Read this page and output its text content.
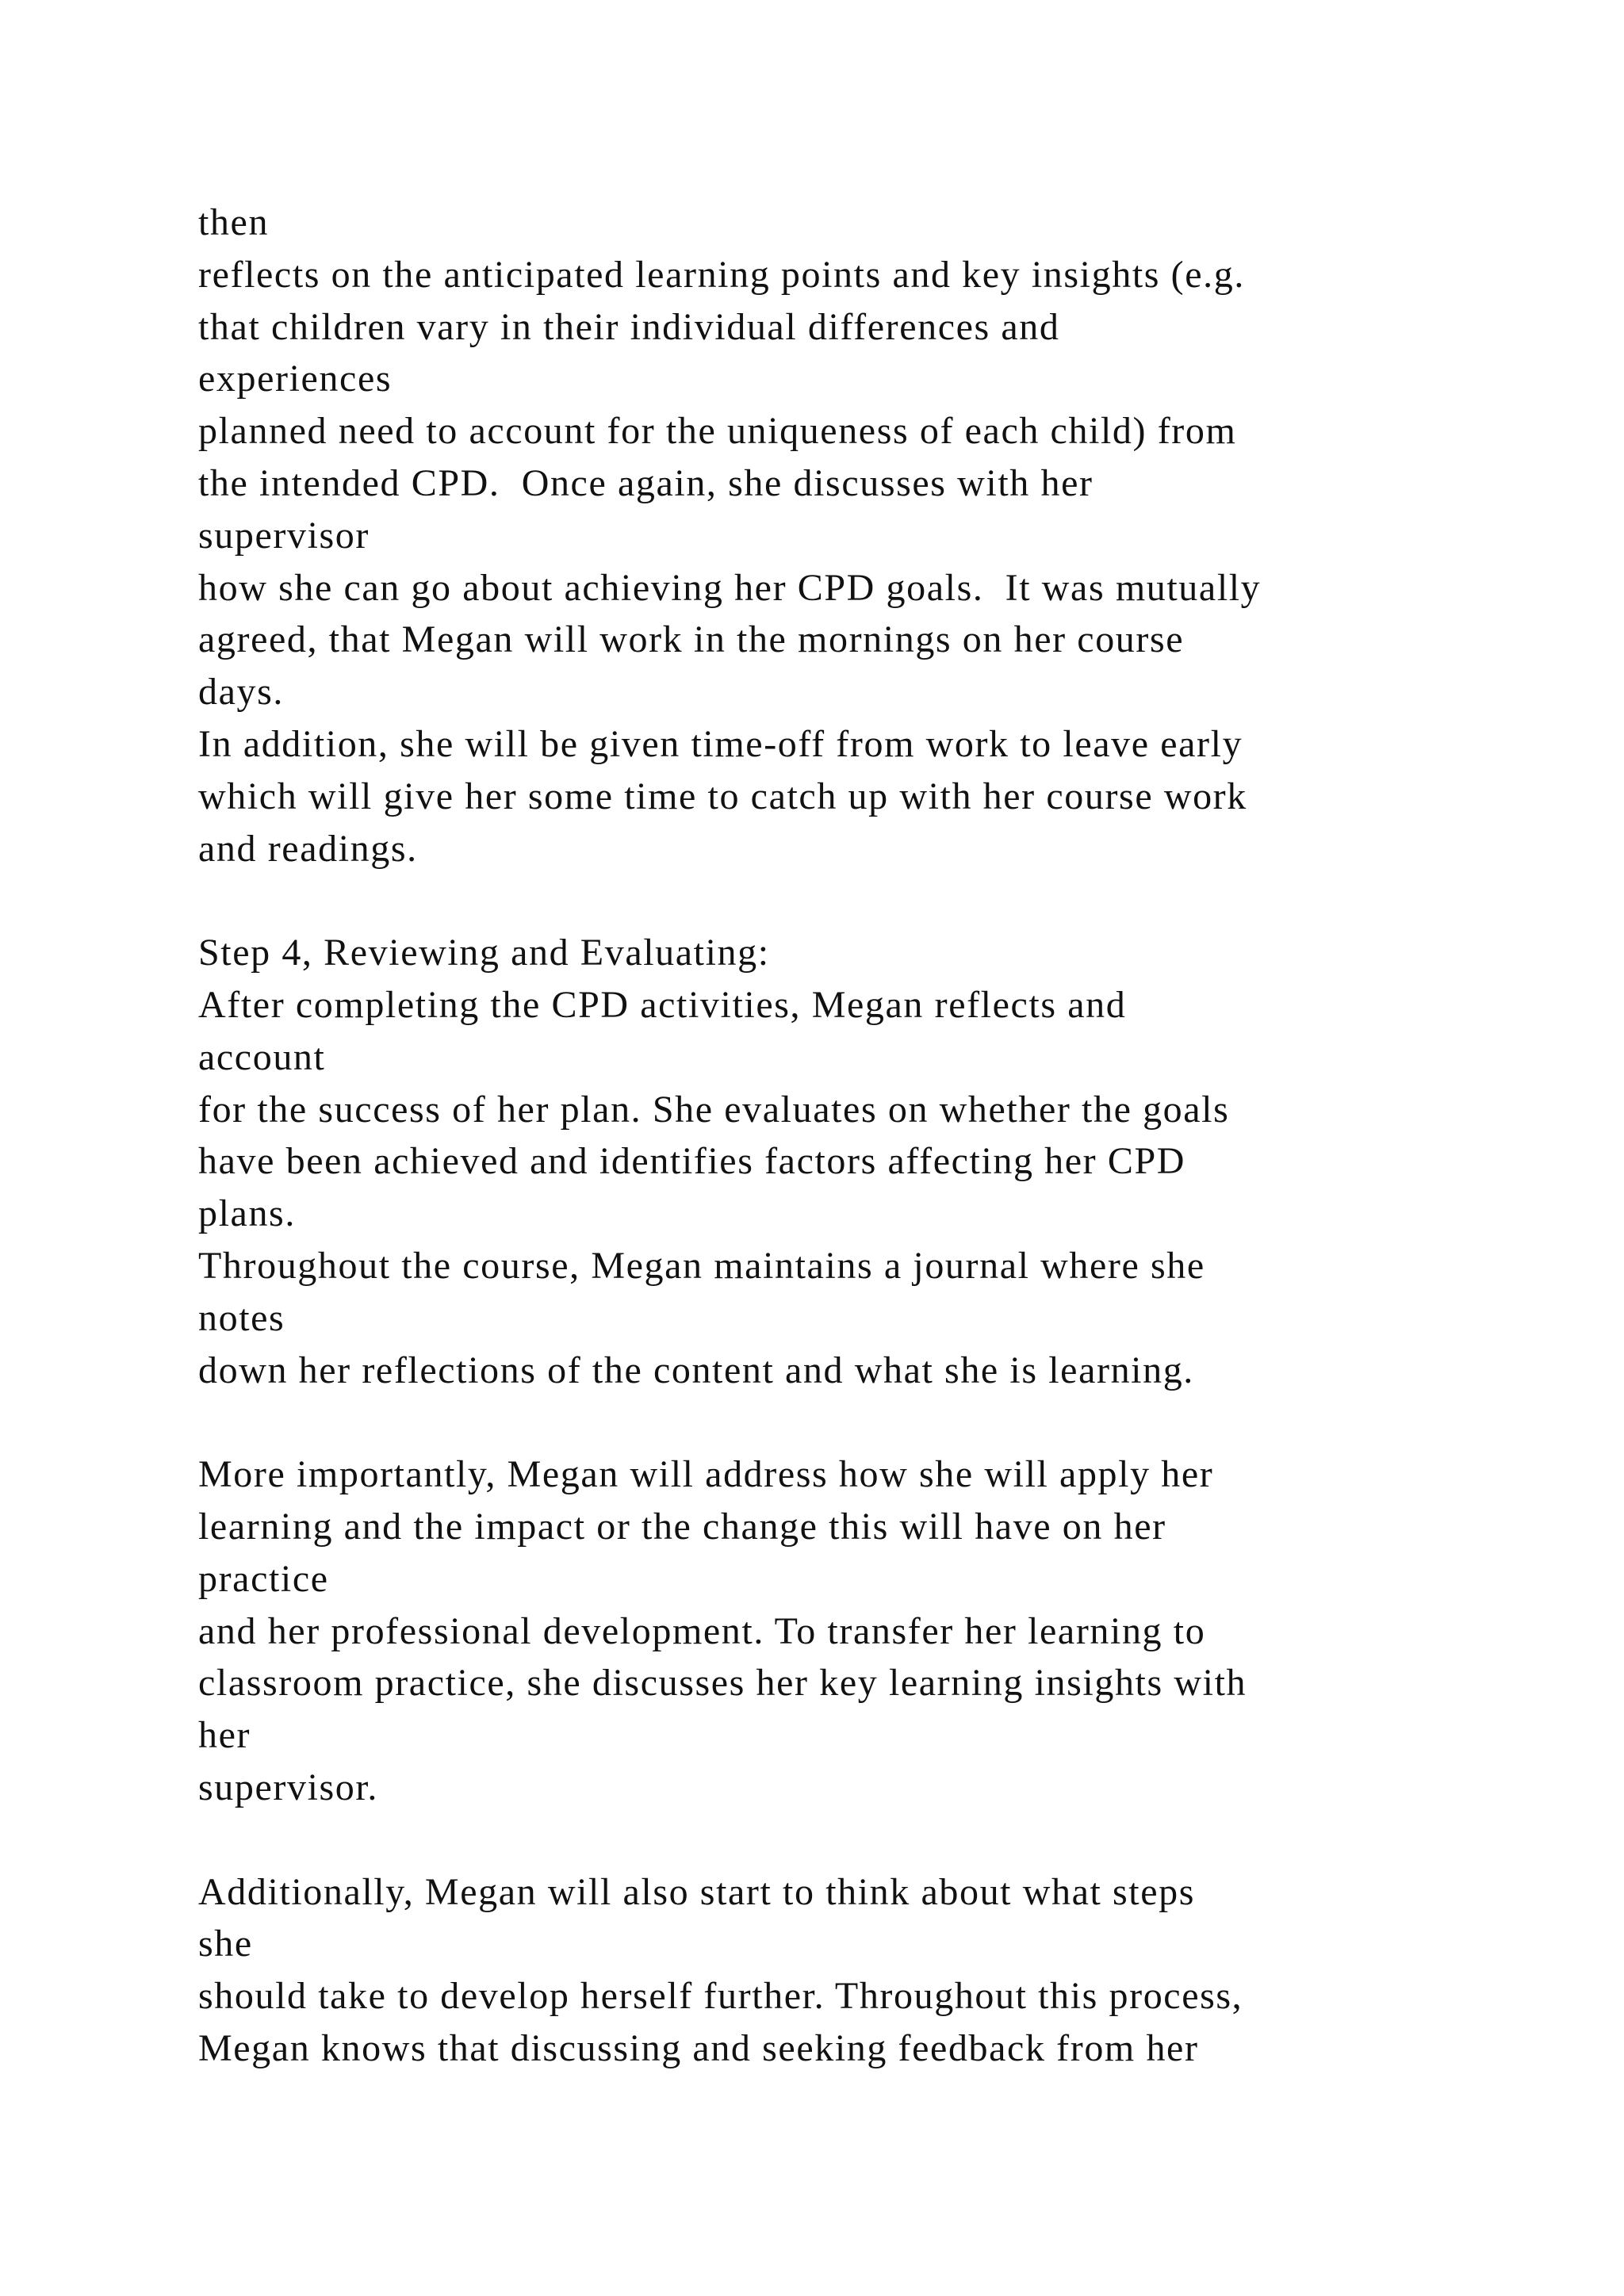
then
reflects on the anticipated learning points and key insights (e.g.
that children vary in their individual differences and
experiences
planned need to account for the uniqueness of each child) from
the intended CPD.  Once again, she discusses with her
supervisor
how she can go about achieving her CPD goals.  It was mutually
agreed, that Megan will work in the mornings on her course
days.
In addition, she will be given time-off from work to leave early
which will give her some time to catch up with her course work
and readings.
Step 4, Reviewing and Evaluating:
After completing the CPD activities, Megan reflects and
account
for the success of her plan. She evaluates on whether the goals
have been achieved and identifies factors affecting her CPD
plans.
Throughout the course, Megan maintains a journal where she
notes
down her reflections of the content and what she is learning.
More importantly, Megan will address how she will apply her
learning and the impact or the change this will have on her
practice
and her professional development. To transfer her learning to
classroom practice, she discusses her key learning insights with
her
supervisor.
Additionally, Megan will also start to think about what steps
she
should take to develop herself further. Throughout this process,
Megan knows that discussing and seeking feedback from her
